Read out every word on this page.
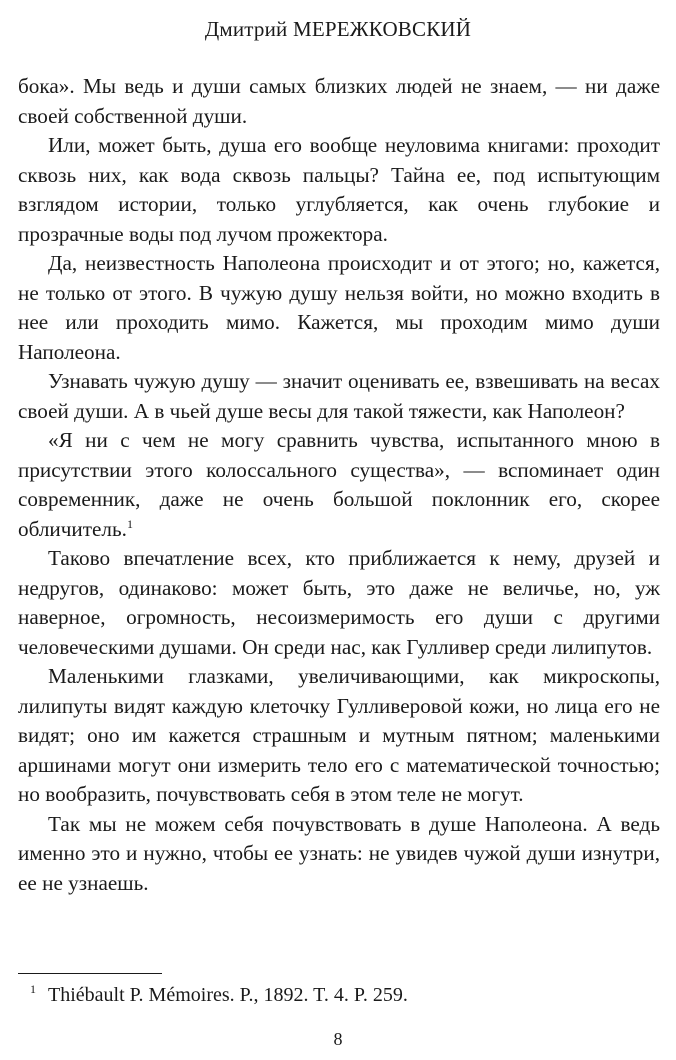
Дмитрий МЕРЕЖКОВСКИЙ

бока». Мы ведь и души самых близких людей не знаем, — ни даже своей собственной души.

Или, может быть, душа его вообще неуловима книгами: проходит сквозь них, как вода сквозь пальцы? Тайна ее, под испытующим взглядом истории, только углубляется, как очень глубокие и прозрачные воды под лучом прожектора.

Да, неизвестность Наполеона происходит и от этого; но, кажется, не только от этого. В чужую душу нельзя войти, но можно входить в нее или проходить мимо. Кажется, мы проходим мимо души Наполеона.

Узнавать чужую душу — значит оценивать ее, взвешивать на весах своей души. А в чьей душе весы для такой тяжести, как Наполеон?

«Я ни с чем не могу сравнить чувства, испытанного мною в присутствии этого колоссального существа», — вспоминает один современник, даже не очень большой поклонник его, скорее обличитель.$^1$

Таково впечатление всех, кто приближается к нему, друзей и недругов, одинаково: может быть, это даже не величье, но, уж наверное, огромность, несоизмеримость его души с другими человеческими душами. Он среди нас, как Гулливер среди лилипутов.

Маленькими глазками, увеличивающими, как микроскопы, лилипуты видят каждую клеточку Гулливеровой кожи, но лица его не видят; оно им кажется страшным и мутным пятном; маленькими аршинами могут они измерить тело его с математической точностью; но вообразить, почувствовать себя в этом теле не могут.

Так мы не можем себя почувствовать в душе Наполеона. А ведь именно это и нужно, чтобы ее узнать: не увидев чужой души изнутри, ее не узнаешь.

$^1$ Thiébault P. Mémoires. P., 1892. T. 4. P. 259.
8
